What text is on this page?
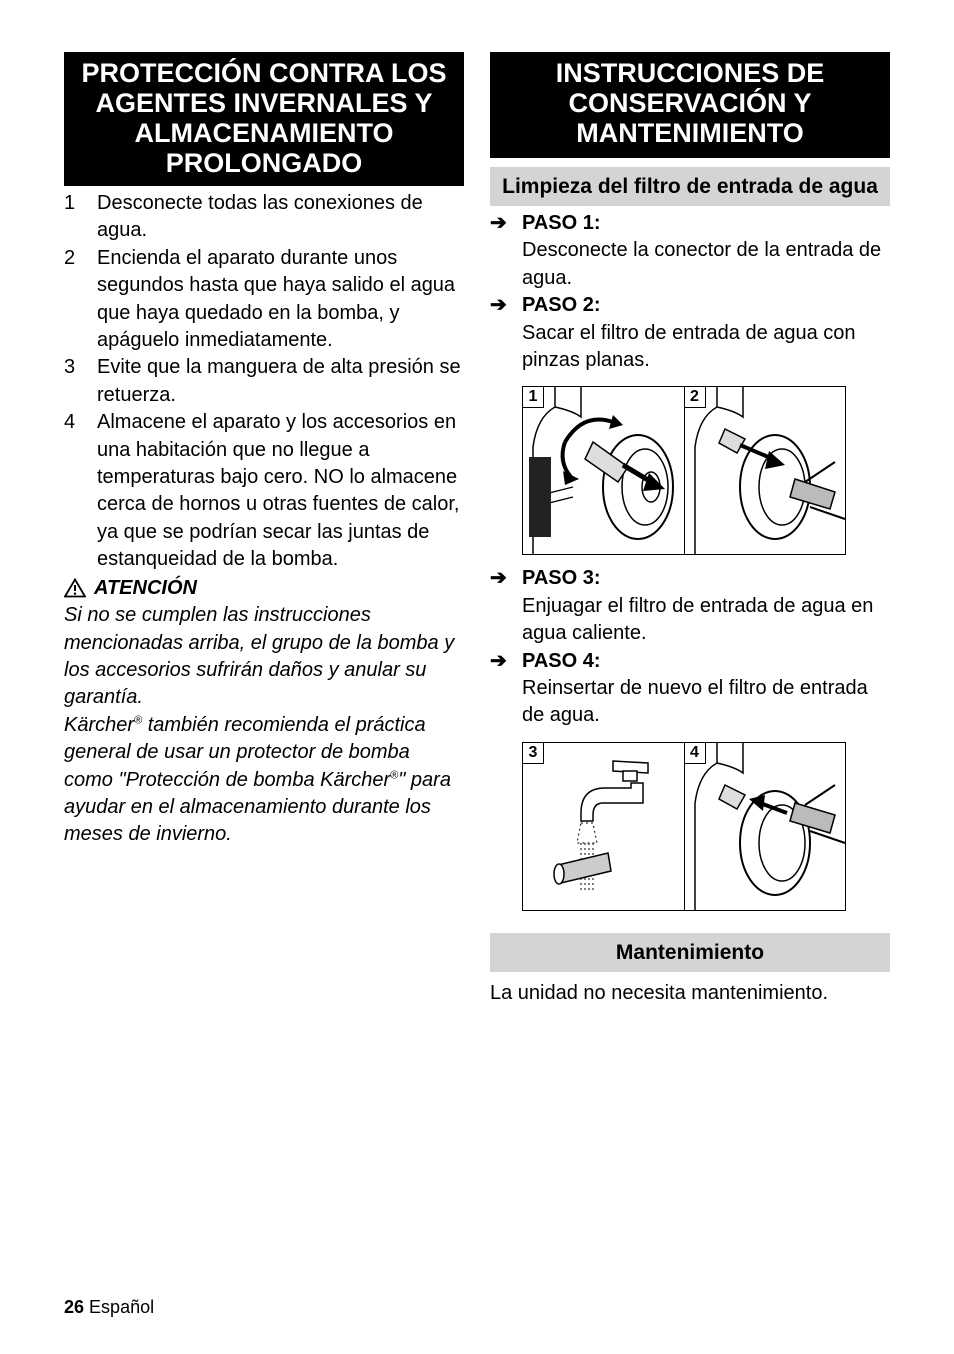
PROTECCIÓN CONTRA LOS AGENTES INVERNALES Y ALMACENAMIENTO PROLONGADO
1	Desconecte todas las conexiones de agua.
2	Encienda el aparato durante unos segundos hasta que haya salido el agua que haya quedado en la bomba, y apáguelo inmediatamente.
3	Evite que la manguera de alta presión se retuerza.
4	Almacene el aparato y los accesorios en una habitación que no llegue a temperaturas bajo cero. NO lo almacene cerca de hornos u otras fuentes de calor, ya que se podrían secar las juntas de estanqueidad de la bomba.
ATENCIÓN
Si no se cumplen las instrucciones mencionadas arriba, el grupo de la bomba y los accesorios sufrirán daños y anular su garantía.
Kärcher® también recomienda el práctica general de usar un protector de bomba como "Protección de bomba Kärcher®" para ayudar en el almacenamiento durante los meses de invierno.
INSTRUCCIONES DE CONSERVACIÓN Y MANTENIMIENTO
Limpieza del filtro de entrada de agua
➔ PASO 1:
Desconecte la conector de la entrada de agua.
➔ PASO 2:
Sacar el filtro de entrada de agua con pinzas planas.
1	2
➔ PASO 3:
Enjuagar el filtro de entrada de agua en agua caliente.
➔ PASO 4:
Reinsertar de nuevo el filtro de entrada de agua.
3	4
Mantenimiento
La unidad no necesita mantenimiento.
26 Español
